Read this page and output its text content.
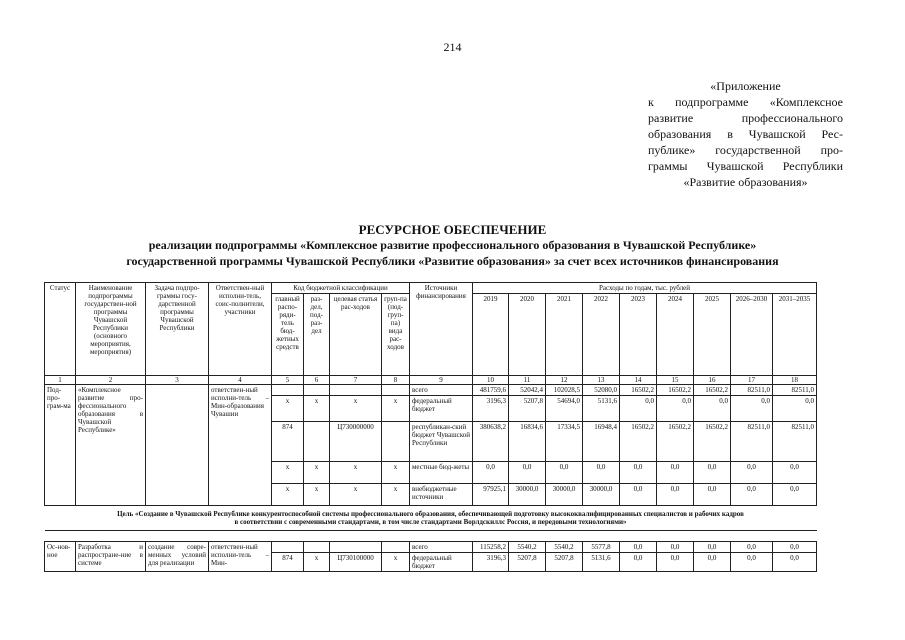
214
«Приложение
к подпрограмме «Комплексное
развитие профессионального
образования в Чувашской Рес-
публике» государственной про-
граммы Чувашской Республики
«Развитие образования»
РЕСУРСНОЕ ОБЕСПЕЧЕНИЕ
реализации подпрограммы «Комплексное развитие профессионального образования в Чувашской Республике»
государственной программы Чувашской Республики «Развитие образования» за счет всех источников финансирования
Статус	Наименование подпрограммы государствен-ной программы Чувашской Республики (основного мероприятия, мероприятия)	Задача подпро-граммы госу-дарственной программы Чувашской Республики	Ответствен-ный исполни-тель, соис-полнители, участники	Код бюджетной классификации				Источники финансирования	Расходы по годам, тыс. рублей								
				главный распо-ряди-тель бюд-жетных средств	раз-дел, под-раз-дел	целевая статья рас-ходов	груп-па (под-груп-па) вида рас-ходов		2019	2020	2021	2022	2023	2024	2025	2026–2030	2031–2035
1	2	3	4	5	6	7	8	9	10	11	12	13	14	15	16	17	18
Под-про-грам-ма	«Комплексное развитие про-фессионального образования в Чувашской Республике»		ответствен-ный исполни-тель – Мин-образования Чувашии					всего	481759,6	52042,4	102028,5	52080,0	16502,2	16502,2	16502,2	82511,0	82511,0
				x	x	x	x	федеральный бюджет	3196,3	5207,8	54694,0	5131,6	0,0	0,0	0,0	0,0	0,0
				874		Ц730000000		республикан-ский бюджет Чувашской Республики	380638,2	16834,6	17334,5	16948,4	16502,2	16502,2	16502,2	82511,0	82511,0
				x	x	x	x	местные бюд-жеты	0,0	0,0	0,0	0,0	0,0	0,0	0,0	0,0	0,0
				x	x	x	x	внебюджетные источники	97925,1	30000,0	30000,0	30000,0	0,0	0,0	0,0	0,0	0,0

Цель «Создание в Чувашской Республике конкурентоспособной системы профессионального образования, обеспечивающей подготовку высококвалифицированных специалистов и рабочих кадров
в соответствии с современными стандартами, в том числе стандартами Ворлдскиллс Россия, и передовыми технологиями»																	

Ос-нов-ное	Разработка и распростране-ние в системе	создание совре-менных условий для реализации	ответствен-ный исполни-тель – Мин-					всего	115258,2	5540,2	5540,2	5577,8	0,0	0,0	0,0	0,0	0,0
				874	x	Ц730100000	x	федеральный бюджет	3196,3	5207,8	5207,8	5131,6	0,0	0,0	0,0	0,0	0,0
